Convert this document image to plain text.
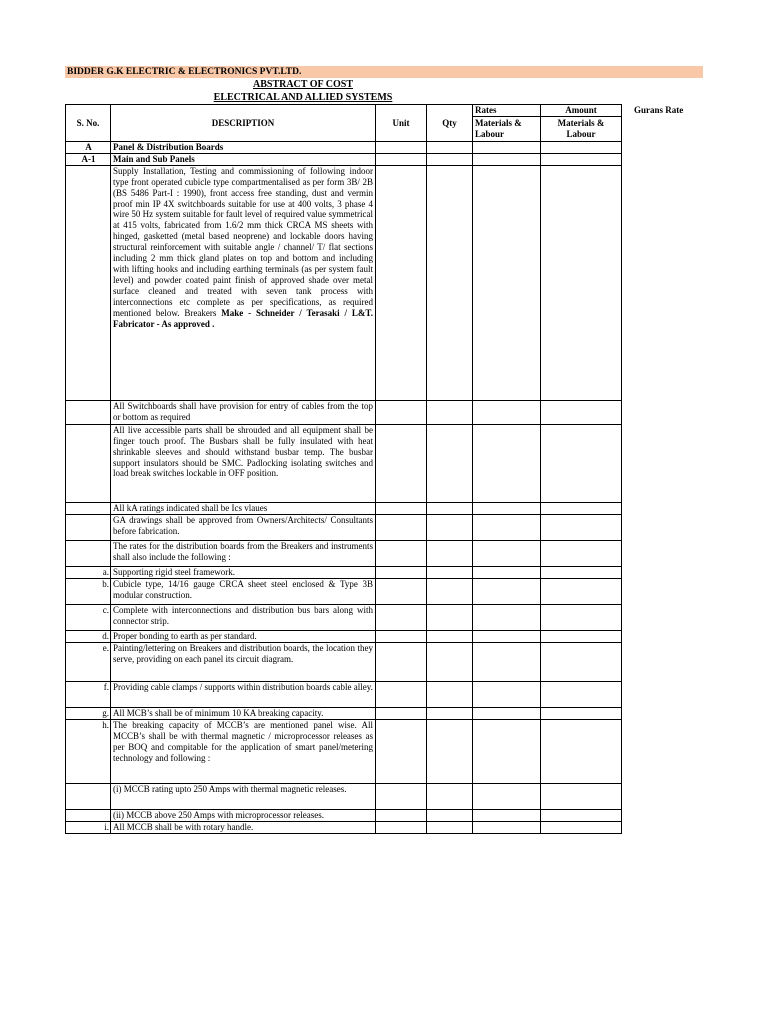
BIDDER G.K ELECTRIC & ELECTRONICS PVT.LTD.
ABSTRACT OF COST
ELECTRICAL AND ALLIED SYSTEMS
Gurans Rate
S. No.	DESCRIPTION	Unit	Qty	Rates	Amount
				Materials & Labour	Materials & Labour
A	Panel & Distribution Boards				
A-1	Main and Sub Panels				
	Supply Installation, Testing and commissioning of following indoor type front operated cubicle type compartmentalised as per form 3B/ 2B (BS 5486 Part-I : 1990), front access free standing, dust and vermin proof min IP 4X switchboards suitable for use at 400 volts, 3 phase 4 wire 50 Hz system suitable for fault level of required value symmetrical at 415 volts, fabricated from 1.6/2 mm thick CRCA MS sheets with hinged, gasketted (metal based neoprene) and lockable doors having structural reinforcement with suitable angle / channel/ T/ flat sections including 2 mm thick gland plates on top and bottom and including with lifting hooks and including earthing terminals (as per system fault level) and powder coated paint finish of approved shade over metal surface cleaned and treated with seven tank process with interconnections etc complete as per specifications, as required mentioned below. Breakers Make - Schneider / Terasaki / L&T. Fabricator - As approved .				
	All Switchboards shall have provision for entry of cables from the top or bottom as required				
	All live accessible parts shall be shrouded and all equipment shall be finger touch proof. The Busbars shall be fully insulated with heat shrinkable sleeves and should withstand busbar temp. The busbar support insulators should be SMC. Padlocking isolating switches and load break switches lockable in OFF position.				
	All kA ratings indicated shall be Ics vlaues				
	GA drawings shall be approved from Owners/Architects/ Consultants before fabrication.				
	The rates for the distribution boards from the Breakers and instruments shall also include the following :				
a.	Supporting rigid steel framework.				
b.	Cubicle type, 14/16 gauge CRCA sheet steel enclosed & Type 3B modular construction.				
c.	Complete with interconnections and distribution bus bars along with connector strip.				
d.	Proper bonding to earth as per standard.				
e.	Painting/lettering on Breakers and distribution boards, the location they serve, providing on each panel its circuit diagram.				
f.	Providing cable clamps / supports within distribution boards cable alley.				
g.	All MCB’s shall be of minimum 10 KA breaking capacity.				
h.	The breaking capacity of MCCB’s are mentioned panel wise. All MCCB’s shall be with thermal magnetic / microprocessor releases as per BOQ and compitable for the application of smart panel/metering technology and following :				
	(i) MCCB rating upto 250 Amps with thermal magnetic releases.				
	(ii) MCCB above 250 Amps with microprocessor releases.				
i.	All MCCB shall be with rotary handle.				
